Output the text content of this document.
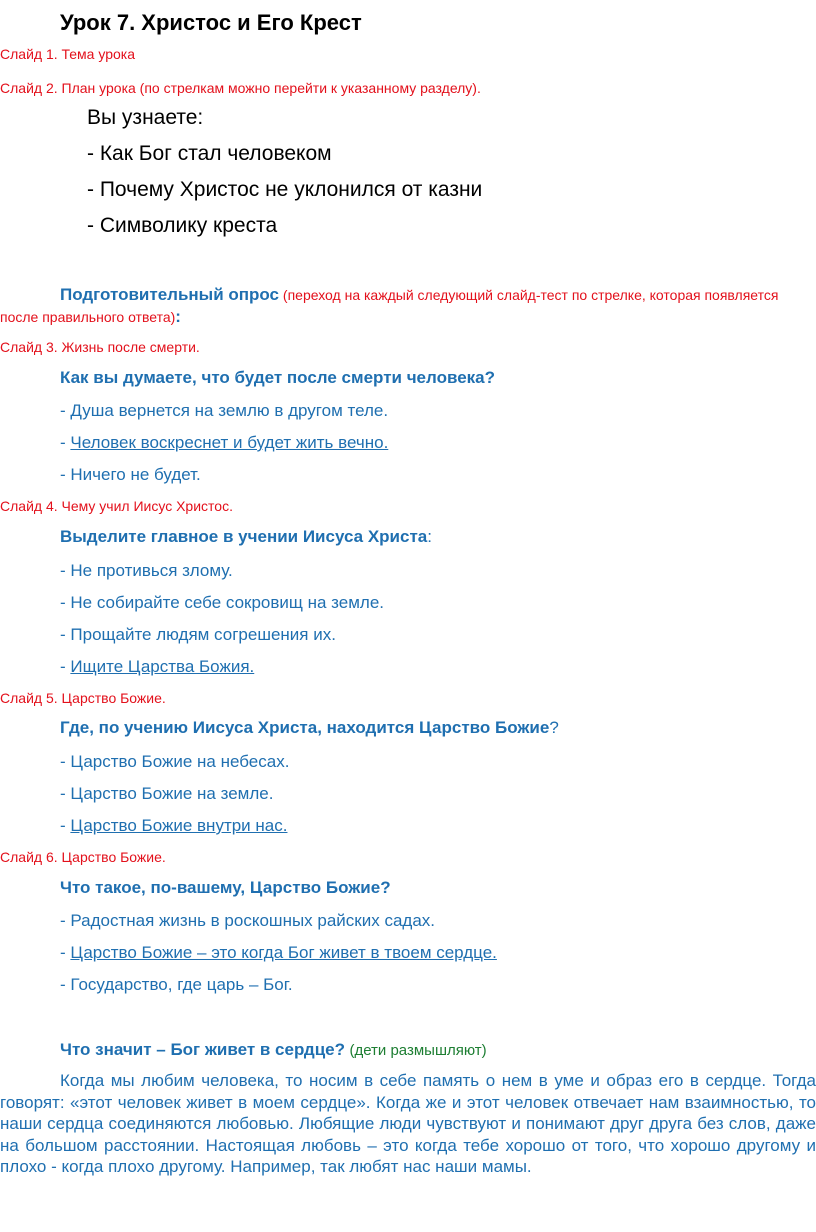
Урок 7. Христос и Его Крест
Слайд 1. Тема урока
Слайд 2. План урока (по стрелкам можно перейти к указанному разделу).
Вы узнаете:
- Как Бог стал человеком
- Почему Христос не уклонился от казни
- Символику креста
Подготовительный опрос (переход на каждый следующий слайд-тест по стрелке, которая появляется после правильного ответа):
Слайд 3. Жизнь после смерти.
Как вы думаете, что будет после смерти человека?
- Душа вернется на землю в другом теле.
- Человек воскреснет и будет жить вечно.
- Ничего не будет.
Слайд 4. Чему учил Иисус Христос.
Выделите главное в учении Иисуса Христа:
- Не противься злому.
- Не собирайте себе сокровищ на земле.
- Прощайте людям согрешения их.
- Ищите Царства Божия.
Слайд 5. Царство Божие.
Где, по учению Иисуса Христа, находится Царство Божие?
- Царство Божие на небесах.
- Царство Божие на земле.
- Царство Божие внутри нас.
Слайд 6. Царство Божие.
Что такое, по-вашему, Царство Божие?
- Радостная жизнь в роскошных райских садах.
- Царство Божие – это когда Бог живет в твоем сердце.
- Государство, где царь – Бог.
Что значит – Бог живет в сердце? (дети размышляют)
Когда мы любим человека, то носим в себе память о нем в уме и образ его в сердце. Тогда говорят: «этот человек живет в моем сердце». Когда же и этот человек отвечает нам взаимностью, то наши сердца соединяются любовью. Любящие люди чувствуют и понимают друг друга без слов, даже на большом расстоянии. Настоящая любовь – это когда тебе хорошо от того, что хорошо другому и плохо - когда плохо другому. Например, так любят нас наши мамы.
